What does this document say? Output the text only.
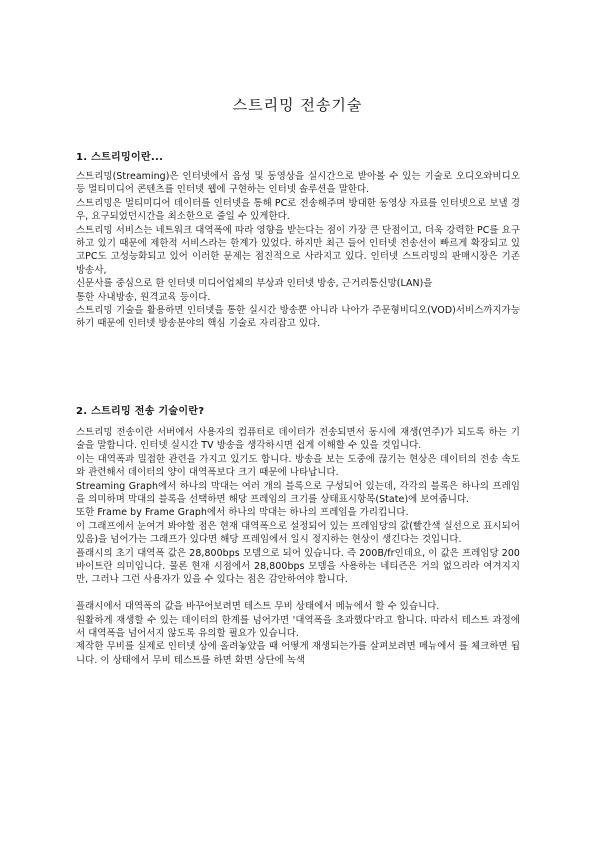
스트리밍 전송기술
1. 스트리밍이란...

스트리밍(Streaming)은 인터넷에서 음성 및 동영상을 실시간으로 받아볼 수 있는 기술로 오디오와비디오 등 멀티미디어 콘텐츠를 인터넷 웹에 구현하는 인터넷 솔루션을 말한다.

스트리밍은 멀티미디어 데이터를 인터넷을 통해 PC로 전송해주며 방대한 동영상 자료를 인터넷으로 보낼 경우, 요구되었던시간을 최소한으로 줄일 수 있게한다.

스트리밍 서비스는 네트워크 대역폭에 따라 영향을 받는다는 점이 가장 큰 단점이고, 더욱 강력한 PC를 요구하고 있기 때문에 제한적 서비스라는 한계가 있었다. 하지만 최근 들어 인터넷 전송선이 빠르게 확장되고 있고PC도 고성능화되고 있어 이러한 문제는 점진적으로 사라지고 있다. 인터넷 스트리밍의 판매시장은 기존 방송사,

신문사를 중심으로 한 인터넷 미디어업체의 부상과 인터넷 방송, 근거리통신망(LAN)을

통한 사내방송, 원격교육 등이다.

스트리밍 기술을 활용하면 인터넷을 통한 실시간 방송뿐 아니라 나아가 주문형비디오(VOD)서비스까지가능하기 때문에 인터넷 방송분야의 핵심 기술로 자리잡고 있다.

2. 스트리밍 전송 기술이란?

스트리밍 전송이란 서버에서 사용자의 컴퓨터로 데이터가 전송되면서 동시에 재생(연주)가 되도록 하는 기술을 말합니다. 인터넷 실시간 TV 방송을 생각하시면 쉽게 이해할 수 있을 것입니다.

이는 대역폭과 밀접한 관련을 가지고 있기도 합니다. 방송을 보는 도중에 끊기는 현상은 데이터의 전송 속도와 관련해서 데이터의 양이 대역폭보다 크기 때문에 나타납니다.

Streaming Graph에서 하나의 막대는 여러 개의 블록으로 구성되어 있는데, 각각의 블록은 하나의 프레임을 의미하며 막대의 블록을 선택하면 해당 프레임의 크기를 상태표시항목(State)에 보여줍니다.

또한 Frame by Frame Graph에서 하나의 막대는 하나의 프레임을 가리킵니다.

이 그래프에서 눈여겨 봐야할 점은 현재 대역폭으로 설정되어 있는 프레임당의 값(빨간색 실선으로 표시되어 있음)을 넘어가는 그래프가 있다면 해당 프레임에서 일시 정지하는 현상이 생긴다는 것입니다.

플래시의 초기 대역폭 값은 28,800bps 모뎀으로 되어 있습니다. 즉 200B/fr인데요, 이 값은 프레임당 200바이트란 의미입니다. 물론 현재 시점에서 28,800bps 모뎀을 사용하는 네티즌은 거의 없으리라 여겨지지만, 그러나 그런 사용자가 있을 수 있다는 점은 감안하여야 합니다.

플래시에서 대역폭의 값을 바꾸어보려면 테스트 무비 상태에서 메뉴에서 할 수 있습니다.

원활하게 재생할 수 있는 데이터의 한계를 넘어가면 '대역폭을 초과했다'라고 합니다. 따라서 테스트 과정에서 대역폭을 넘어서지 않도록 유의할 필요가 있습니다.

제작한 무비를 실제로 인터넷 상에 올려놓았을 때 어떻게 재생되는가를 살펴보려면 메뉴에서 를 체크하면 됩니다. 이 상태에서 무비 테스트를 하면 화면 상단에 녹색
